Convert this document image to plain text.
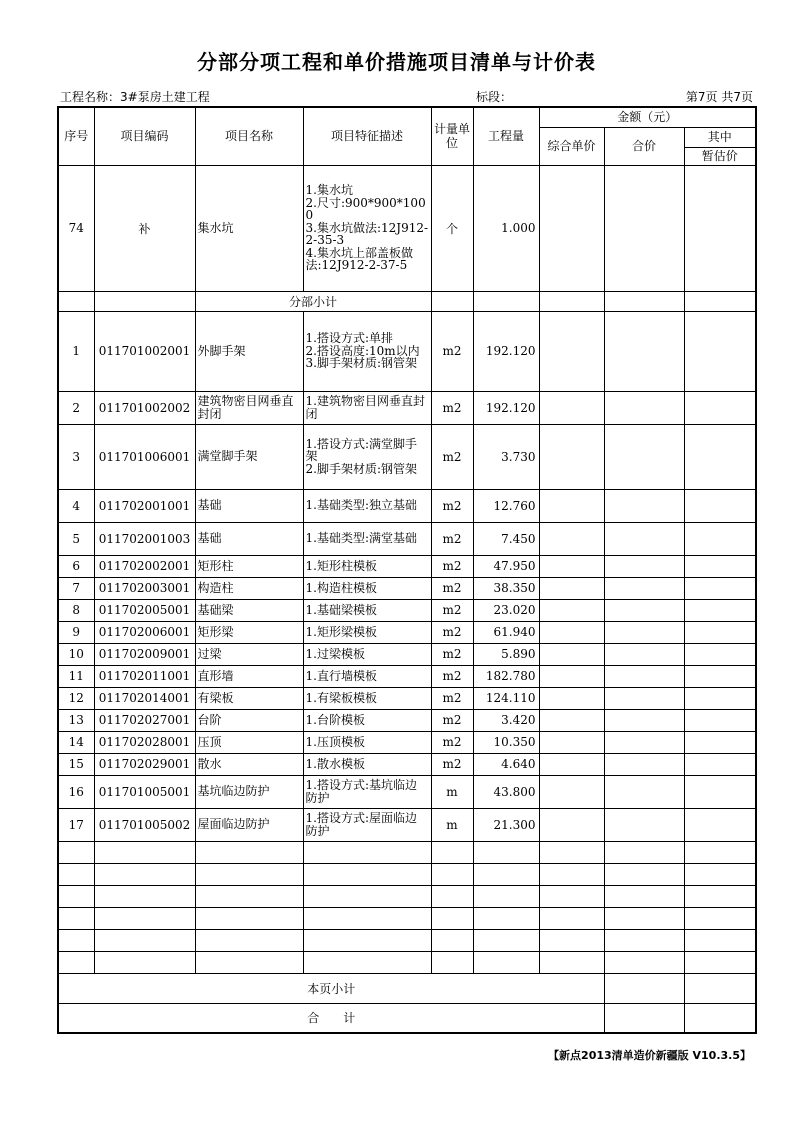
分部分项工程和单价措施项目清单与计价表
工程名称：3#泵房土建工程	标段：	第7页 共7页
序号	项目编码	项目名称	项目特征描述	计量单位	工程量	金额（元）		
						综合单价	合价	其中
								暂估价
74	补	集水坑	1.集水坑
2.尺寸:900*900*1000
3.集水坑做法:12J912-2-35-3
4.集水坑上部盖板做法:12J912-2-37-5	个	1.000			
		分部小计						
1	011701002001	外脚手架	1.搭设方式:单排
2.搭设高度:10m以内
3.脚手架材质:钢管架	m2	192.120			
2	011701002002	建筑物密目网垂直封闭	1.建筑物密目网垂直封闭	m2	192.120			
3	011701006001	满堂脚手架	1.搭设方式:满堂脚手架
2.脚手架材质:钢管架	m2	3.730			
4	011702001001	基础	1.基础类型:独立基础	m2	12.760			
5	011702001003	基础	1.基础类型:满堂基础	m2	7.450			
6	011702002001	矩形柱	1.矩形柱模板	m2	47.950			
7	011702003001	构造柱	1.构造柱模板	m2	38.350			
8	011702005001	基础梁	1.基础梁模板	m2	23.020			
9	011702006001	矩形梁	1.矩形梁模板	m2	61.940			
10	011702009001	过梁	1.过梁模板	m2	5.890			
11	011702011001	直形墙	1.直行墙模板	m2	182.780			
12	011702014001	有梁板	1.有梁板模板	m2	124.110			
13	011702027001	台阶	1.台阶模板	m2	3.420			
14	011702028001	压顶	1.压顶模板	m2	10.350			
15	011702029001	散水	1.散水模板	m2	4.640			
16	011701005001	基坑临边防护	1.搭设方式:基坑临边防护	m	43.800			
17	011701005002	屋面临边防护	1.搭设方式:屋面临边防护	m	21.300			

本页小计								
合　　计								
【新点2013清单造价新疆版 V10.3.5】
